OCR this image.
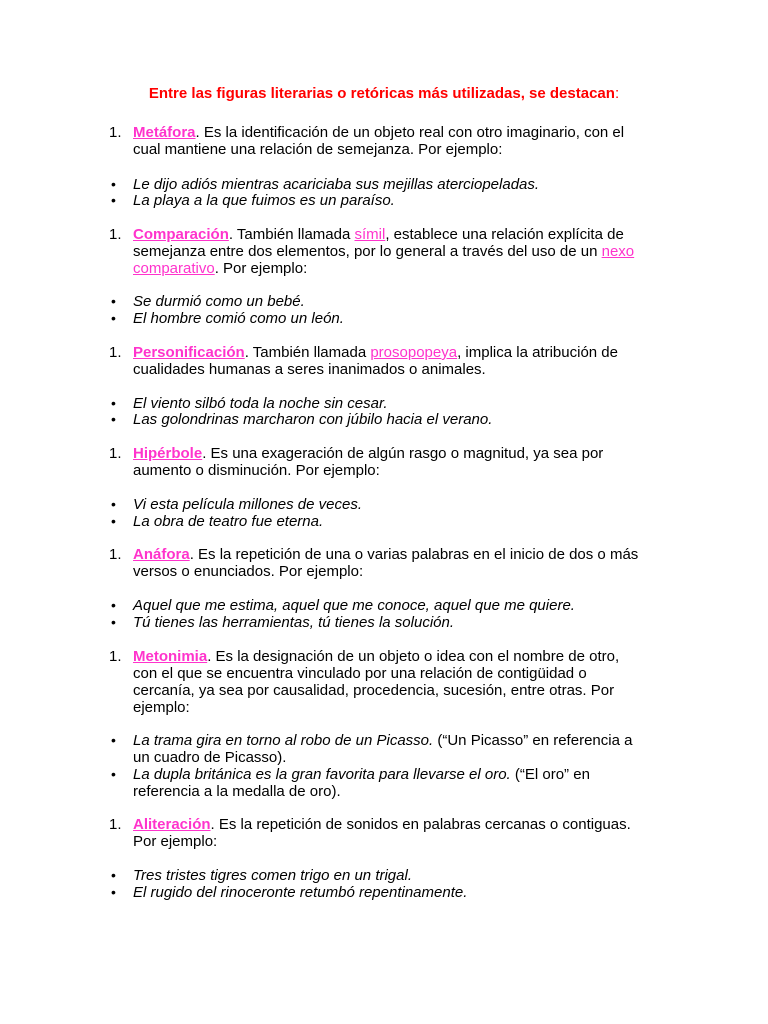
Entre las figuras literarias o retóricas más utilizadas, se destacan:
1. Metáfora. Es la identificación de un objeto real con otro imaginario, con el
cual mantiene una relación de semejanza. Por ejemplo:
•	Le dijo adiós mientras acariciaba sus mejillas aterciopeladas.
•	La playa a la que fuimos es un paraíso.
1. Comparación. También llamada símil, establece una relación explícita de
semejanza entre dos elementos, por lo general a través del uso de un nexo
comparativo. Por ejemplo:
•	Se durmió como un bebé.
•	El hombre comió como un león.
1. Personificación. También llamada prosopopeya, implica la atribución de
cualidades humanas a seres inanimados o animales.
•	El viento silbó toda la noche sin cesar.
•	Las golondrinas marcharon con júbilo hacia el verano.
1. Hipérbole. Es una exageración de algún rasgo o magnitud, ya sea por
aumento o disminución. Por ejemplo:
•	Vi esta película millones de veces.
•	La obra de teatro fue eterna.
1. Anáfora. Es la repetición de una o varias palabras en el inicio de dos o más
versos o enunciados. Por ejemplo:
•	Aquel que me estima, aquel que me conoce, aquel que me quiere.
•	Tú tienes las herramientas, tú tienes la solución.
1. Metonimia. Es la designación de un objeto o idea con el nombre de otro,
con el que se encuentra vinculado por una relación de contigüidad o
cercanía, ya sea por causalidad, procedencia, sucesión, entre otras. Por
ejemplo:
•	La trama gira en torno al robo de un Picasso. (“Un Picasso” en referencia a
un cuadro de Picasso).
•	La dupla británica es la gran favorita para llevarse el oro. (“El oro” en
referencia a la medalla de oro).
1. Aliteración. Es la repetición de sonidos en palabras cercanas o contiguas.
Por ejemplo:
•	Tres tristes tigres comen trigo en un trigal.
•	El rugido del rinoceronte retumbó repentinamente.
